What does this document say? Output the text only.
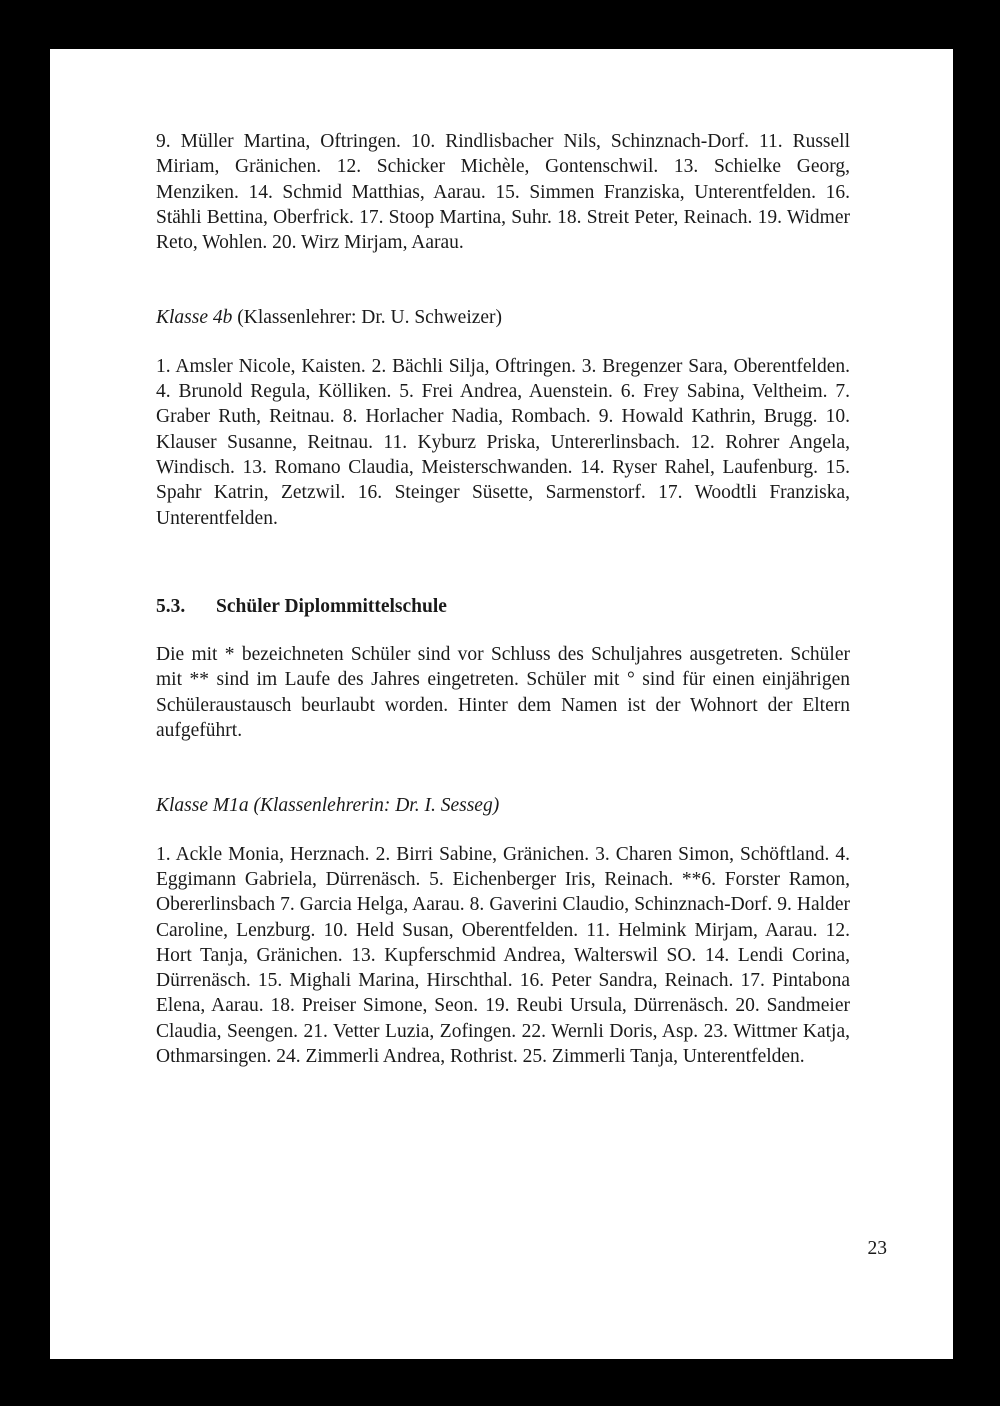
9. Müller Martina, Oftringen. 10. Rindlisbacher Nils, Schinznach-Dorf. 11. Russell Miriam, Gränichen. 12. Schicker Michèle, Gontenschwil. 13. Schielke Georg, Menziken. 14. Schmid Matthias, Aarau. 15. Simmen Franziska, Unterentfelden. 16. Stähli Bettina, Oberfrick. 17. Stoop Martina, Suhr. 18. Streit Peter, Reinach. 19. Widmer Reto, Wohlen. 20. Wirz Mirjam, Aarau.

Klasse 4b (Klassenlehrer: Dr. U. Schweizer)

1. Amsler Nicole, Kaisten. 2. Bächli Silja, Oftringen. 3. Bregenzer Sara, Oberentfelden. 4. Brunold Regula, Kölliken. 5. Frei Andrea, Auenstein. 6. Frey Sabina, Veltheim. 7. Graber Ruth, Reitnau. 8. Horlacher Nadia, Rombach. 9. Howald Kathrin, Brugg. 10. Klauser Susanne, Reitnau. 11. Kyburz Priska, Untererlinsbach. 12. Rohrer Angela, Windisch. 13. Romano Claudia, Meisterschwanden. 14. Ryser Rahel, Laufenburg. 15. Spahr Katrin, Zetzwil. 16. Steinger Süsette, Sarmenstorf. 17. Woodtli Franziska, Unterentfelden.

5.3.	Schüler Diplommittelschule

Die mit * bezeichneten Schüler sind vor Schluss des Schuljahres ausgetreten. Schüler mit ** sind im Laufe des Jahres eingetreten. Schüler mit ° sind für einen einjährigen Schüleraustausch beurlaubt worden. Hinter dem Namen ist der Wohnort der Eltern aufgeführt.

Klasse M1a (Klassenlehrerin: Dr. I. Sesseg)

1. Ackle Monia, Herznach. 2. Birri Sabine, Gränichen. 3. Charen Simon, Schöftland. 4. Eggimann Gabriela, Dürrenäsch. 5. Eichenberger Iris, Reinach. **6. Forster Ramon, Obererlinsbach 7. Garcia Helga, Aarau. 8. Gaverini Claudio, Schinznach-Dorf. 9. Halder Caroline, Lenzburg. 10. Held Susan, Oberentfelden. 11. Helmink Mirjam, Aarau. 12. Hort Tanja, Gränichen. 13. Kupferschmid Andrea, Walterswil SO. 14. Lendi Corina, Dürrenäsch. 15. Mighali Marina, Hirschthal. 16. Peter Sandra, Reinach. 17. Pintabona Elena, Aarau. 18. Preiser Simone, Seon. 19. Reubi Ursula, Dürrenäsch. 20. Sandmeier Claudia, Seengen. 21. Vetter Luzia, Zofingen. 22. Wernli Doris, Asp. 23. Wittmer Katja, Othmarsingen. 24. Zimmerli Andrea, Rothrist. 25. Zimmerli Tanja, Unterentfelden.

23
